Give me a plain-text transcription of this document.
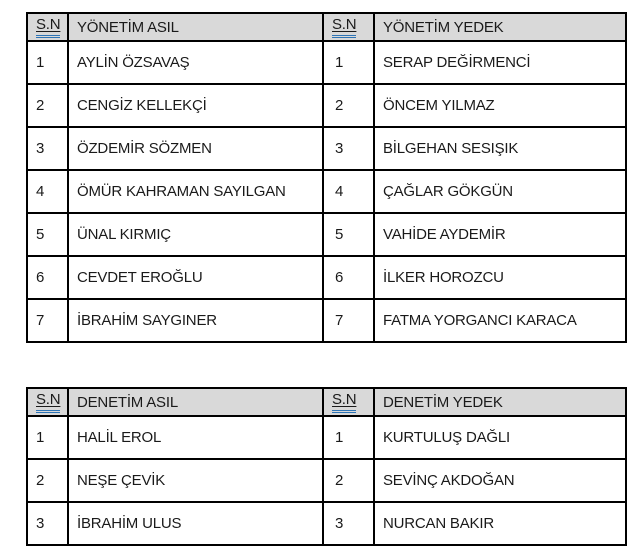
S.N	YÖNETİM ASIL	S.N	YÖNETİM YEDEK
1	AYLİN ÖZSAVAŞ	1	SERAP DEĞİRMENCİ
2	CENGİZ KELLEKÇİ	2	ÖNCEM YILMAZ
3	ÖZDEMİR SÖZMEN	3	BİLGEHAN SESIŞIK
4	ÖMÜR KAHRAMAN SAYILGAN	4	ÇAĞLAR GÖKGÜN
5	ÜNAL KIRMIÇ	5	VAHİDE AYDEMİR
6	CEVDET EROĞLU	6	İLKER HOROZCU
7	İBRAHİM SAYGINER	7	FATMA YORGANCI KARACA
S.N	DENETİM ASIL	S.N	DENETİM YEDEK
1	HALİL EROL	1	KURTULUŞ DAĞLI
2	NEŞE ÇEVİK	2	SEVİNÇ AKDOĞAN
3	İBRAHİM ULUS	3	NURCAN BAKIR
